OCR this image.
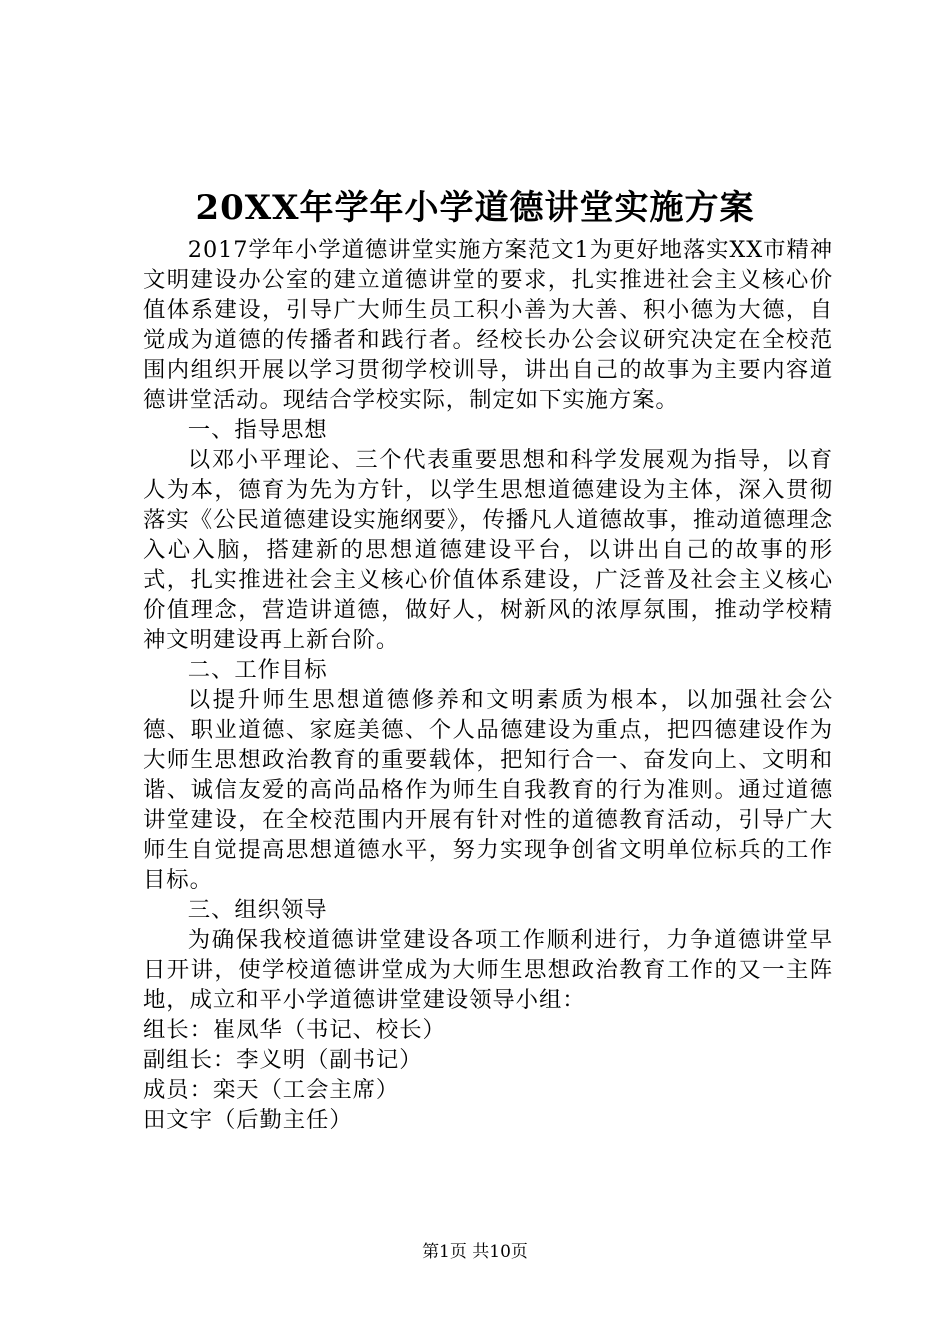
20XX年学年小学道德讲堂实施方案

2017学年小学道德讲堂实施方案范文1为更好地落实XX市精神文明建设办公室的建立道德讲堂的要求，扎实推进社会主义核心价值体系建设，引导广大师生员工积小善为大善、积小德为大德，自觉成为道德的传播者和践行者。经校长办公会议研究决定在全校范围内组织开展以学习贯彻学校训导，讲出自己的故事为主要内容道德讲堂活动。现结合学校实际，制定如下实施方案。

一、指导思想

以邓小平理论、三个代表重要思想和科学发展观为指导，以育人为本，德育为先为方针，以学生思想道德建设为主体，深入贯彻落实《公民道德建设实施纲要》，传播凡人道德故事，推动道德理念入心入脑，搭建新的思想道德建设平台，以讲出自己的故事的形式，扎实推进社会主义核心价值体系建设，广泛普及社会主义核心价值理念，营造讲道德，做好人，树新风的浓厚氛围，推动学校精神文明建设再上新台阶。

二、工作目标

以提升师生思想道德修养和文明素质为根本，以加强社会公德、职业道德、家庭美德、个人品德建设为重点，把四德建设作为大师生思想政治教育的重要载体，把知行合一、奋发向上、文明和谐、诚信友爱的高尚品格作为师生自我教育的行为准则。通过道德讲堂建设，在全校范围内开展有针对性的道德教育活动，引导广大师生自觉提高思想道德水平，努力实现争创省文明单位标兵的工作目标。

三、组织领导

为确保我校道德讲堂建设各项工作顺利进行，力争道德讲堂早日开讲，使学校道德讲堂成为大师生思想政治教育工作的又一主阵地，成立和平小学道德讲堂建设领导小组：

组长：崔凤华（书记、校长）

副组长：李义明（副书记）

成员：栾天（工会主席）

田文宇（后勤主任）

第1页 共10页
